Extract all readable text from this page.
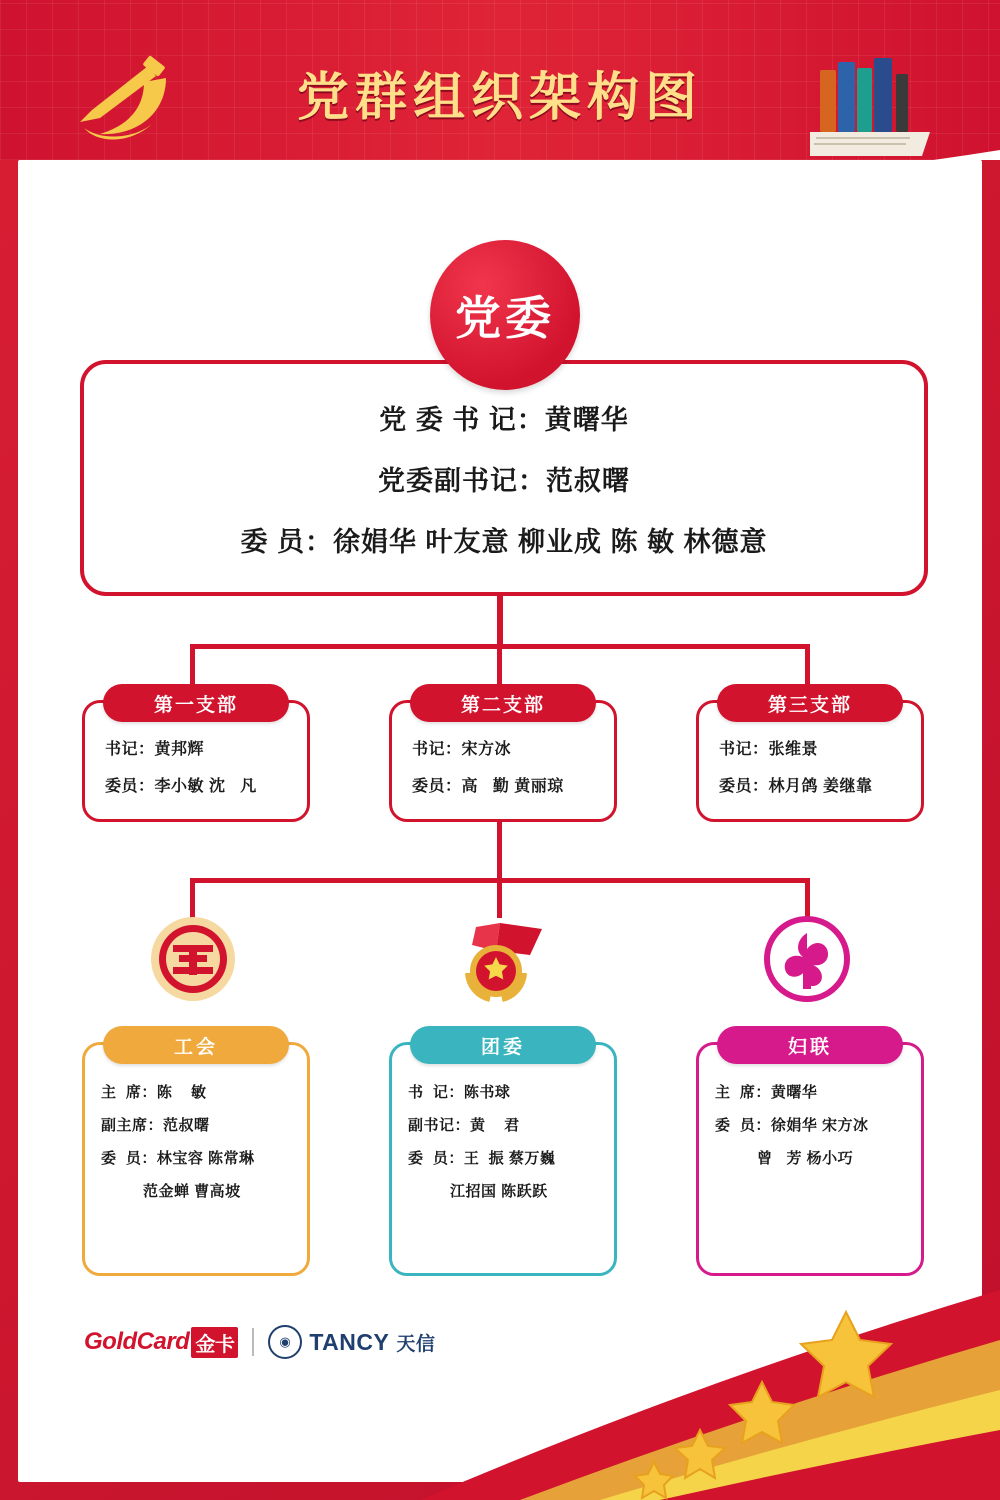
党群组织架构图
党委
党 委 书 记：黄曙华
党委副书记：范叔曙
委 员：徐娟华 叶友意 柳业成 陈 敏 林德意
第一支部
书记：黄邦辉
委员：李小敏 沈   凡
第二支部
书记：宋方冰
委员：高   勤 黄丽琼
第三支部
书记：张维景
委员：林月鸽 姜继靠
工会
主  席：陈    敏
副主席：范叔曙
委  员：林宝容 陈常琳
范金蝉 曹高坡
团委
书  记：陈书球
副书记：黄    君
委  员：王  振 蔡万巍
江招国 陈跃跃
妇联
主  席：黄曙华
委  员：徐娟华 宋方冰
曾   芳 杨小巧
GoldCard 金卡	◉ TANCY 天信
